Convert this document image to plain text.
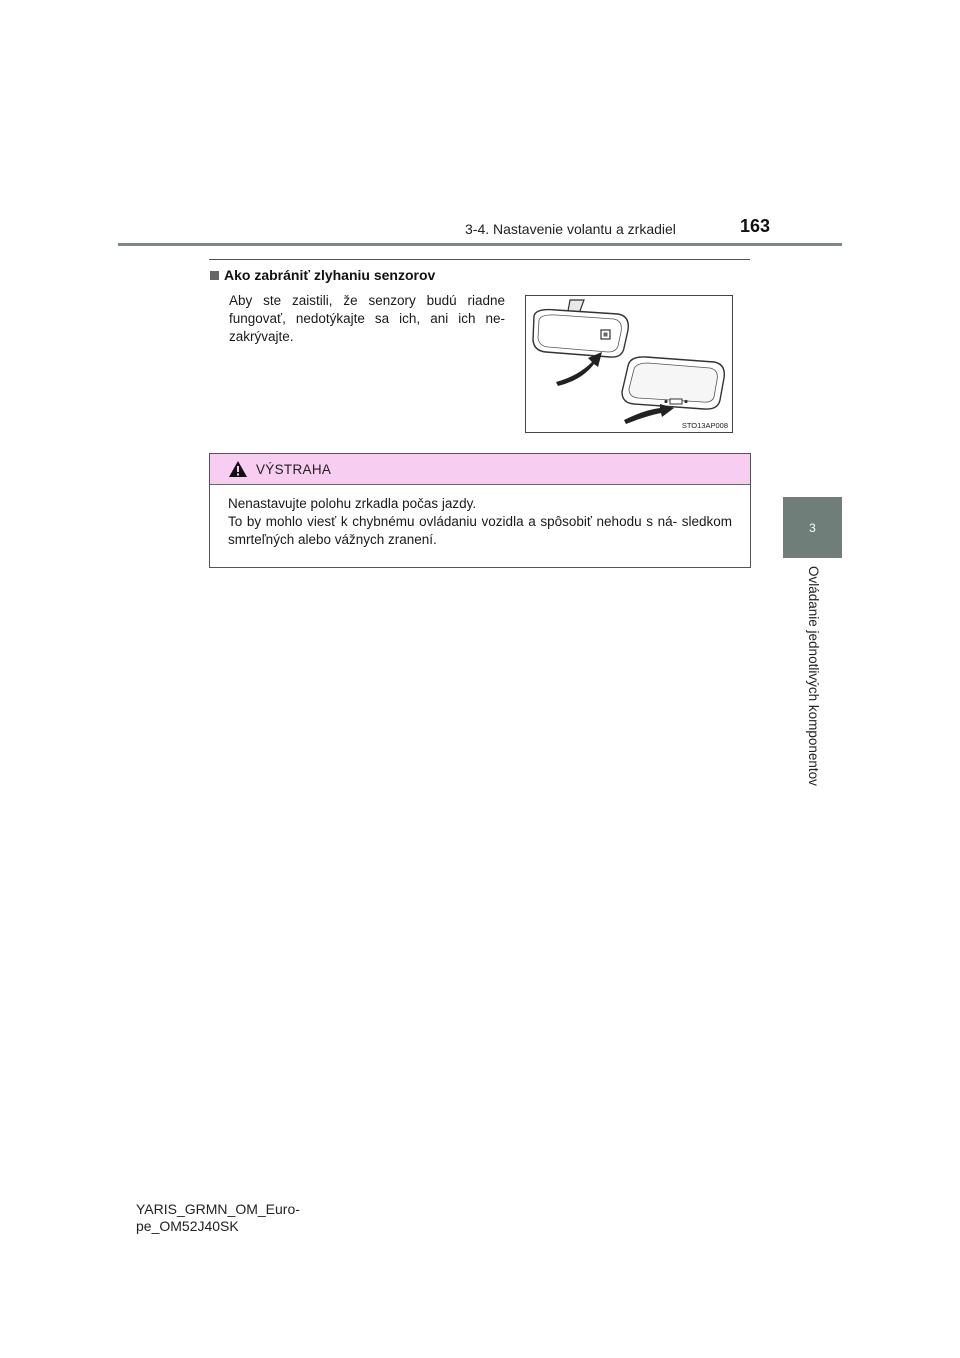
3-4. Nastavenie volantu a zrkadiel	163
3
Ovládanie jednotlivých komponentov
Ako zabrániť zlyhaniu senzorov
Aby ste zaistili, že senzory budú riadne fungovať, nedotýkajte sa ich, ani ich ne- zakrývajte.
STO13AP008
VÝSTRAHA

Nenastavujte polohu zrkadla počas jazdy.

To by mohlo viesť k chybnému ovládaniu vozidla a spôsobiť nehodu s ná- sledkom smrteľných alebo vážnych zranení.

YARIS_GRMN_OM_Euro-
pe_OM52J40SK
